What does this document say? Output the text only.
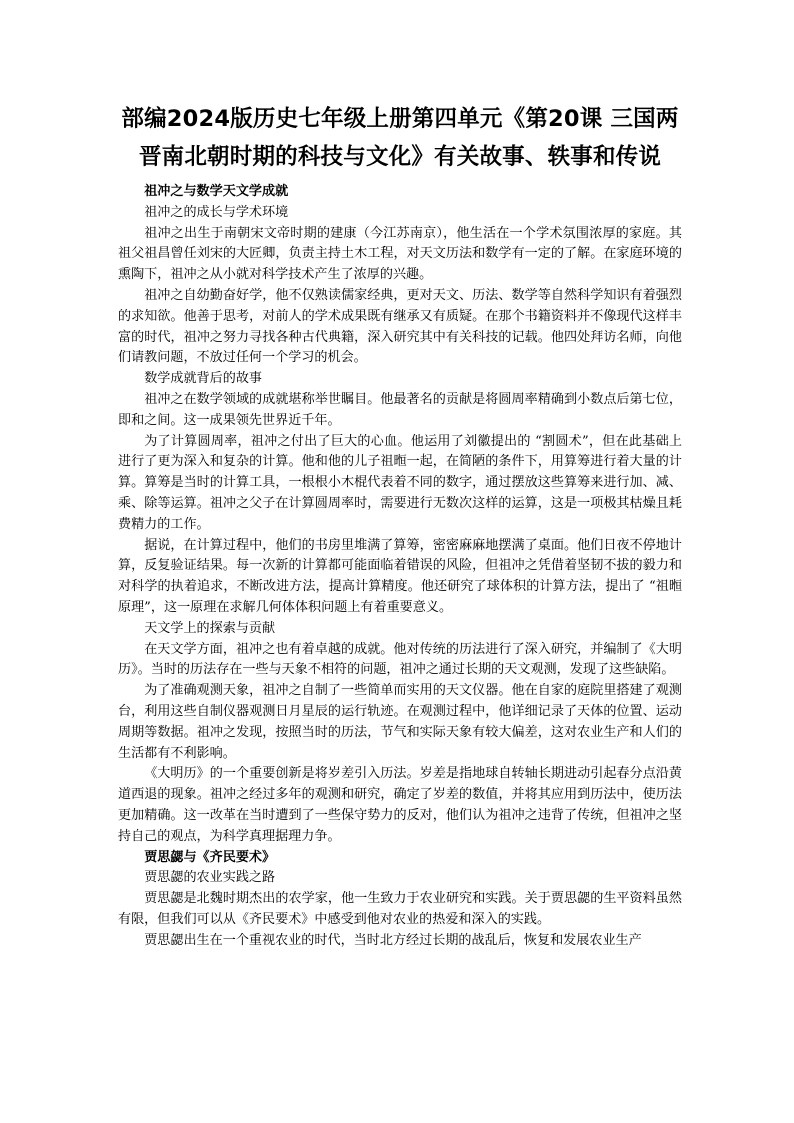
部编2024版历史七年级上册第四单元《第20课 三国两晋南北朝时期的科技与文化》有关故事、轶事和传说

祖冲之与数学天文学成就

祖冲之的成长与学术环境

祖冲之出生于南朝宋文帝时期的建康（今江苏南京），他生活在一个学术氛围浓厚的家庭。其祖父祖昌曾任刘宋的大匠卿，负责主持土木工程，对天文历法和数学有一定的了解。在家庭环境的熏陶下，祖冲之从小就对科学技术产生了浓厚的兴趣。

祖冲之自幼勤奋好学，他不仅熟读儒家经典，更对天文、历法、数学等自然科学知识有着强烈的求知欲。他善于思考，对前人的学术成果既有继承又有质疑。在那个书籍资料并不像现代这样丰富的时代，祖冲之努力寻找各种古代典籍，深入研究其中有关科技的记载。他四处拜访名师，向他们请教问题，不放过任何一个学习的机会。

数学成就背后的故事

祖冲之在数学领域的成就堪称举世瞩目。他最著名的贡献是将圆周率精确到小数点后第七位，即和之间。这一成果领先世界近千年。

为了计算圆周率，祖冲之付出了巨大的心血。他运用了刘徽提出的 “割圆术”，但在此基础上进行了更为深入和复杂的计算。他和他的儿子祖暅一起，在简陋的条件下，用算筹进行着大量的计算。算筹是当时的计算工具，一根根小木棍代表着不同的数字，通过摆放这些算筹来进行加、减、乘、除等运算。祖冲之父子在计算圆周率时，需要进行无数次这样的运算，这是一项极其枯燥且耗费精力的工作。

据说，在计算过程中，他们的书房里堆满了算筹，密密麻麻地摆满了桌面。他们日夜不停地计算，反复验证结果。每一次新的计算都可能面临着错误的风险，但祖冲之凭借着坚韧不拔的毅力和对科学的执着追求，不断改进方法，提高计算精度。他还研究了球体积的计算方法，提出了 “祖暅原理”，这一原理在求解几何体体积问题上有着重要意义。

天文学上的探索与贡献

在天文学方面，祖冲之也有着卓越的成就。他对传统的历法进行了深入研究，并编制了《大明历》。当时的历法存在一些与天象不相符的问题，祖冲之通过长期的天文观测，发现了这些缺陷。

为了准确观测天象，祖冲之自制了一些简单而实用的天文仪器。他在自家的庭院里搭建了观测台，利用这些自制仪器观测日月星辰的运行轨迹。在观测过程中，他详细记录了天体的位置、运动周期等数据。祖冲之发现，按照当时的历法，节气和实际天象有较大偏差，这对农业生产和人们的生活都有不利影响。

《大明历》的一个重要创新是将岁差引入历法。岁差是指地球自转轴长期进动引起春分点沿黄道西退的现象。祖冲之经过多年的观测和研究，确定了岁差的数值，并将其应用到历法中，使历法更加精确。这一改革在当时遭到了一些保守势力的反对，他们认为祖冲之违背了传统，但祖冲之坚持自己的观点，为科学真理据理力争。

贾思勰与《齐民要术》

贾思勰的农业实践之路

贾思勰是北魏时期杰出的农学家，他一生致力于农业研究和实践。关于贾思勰的生平资料虽然有限，但我们可以从《齐民要术》中感受到他对农业的热爱和深入的实践。

贾思勰出生在一个重视农业的时代，当时北方经过长期的战乱后，恢复和发展农业生产
